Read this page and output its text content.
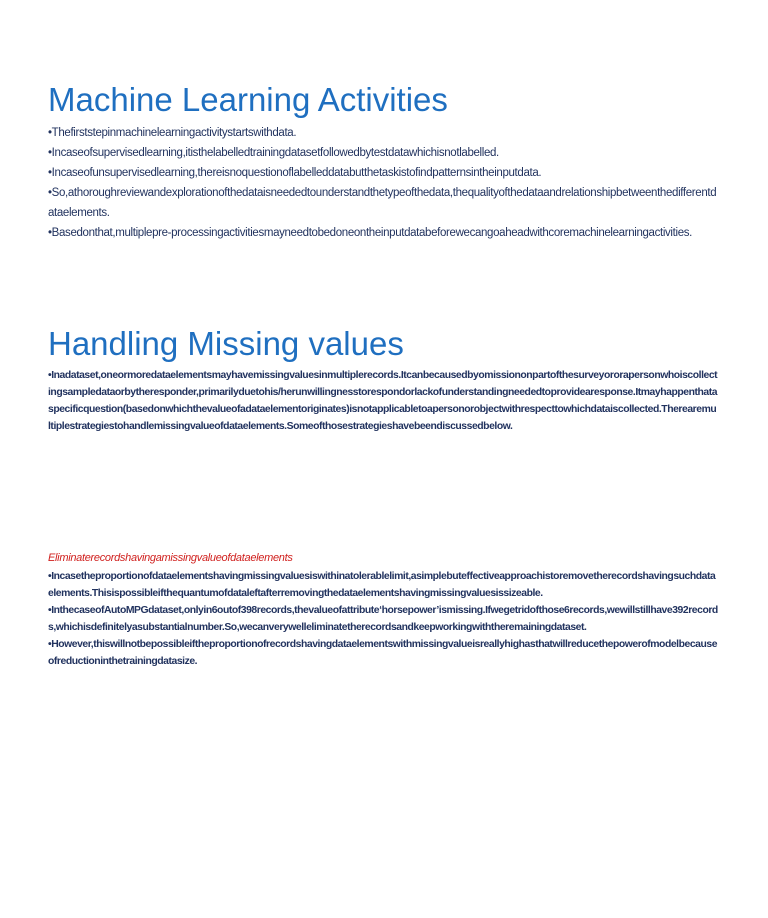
Machine Learning Activities

•Thefirststepinmachinelearningactivitystartswithdata.

•Incaseofsupervisedlearning,itisthelabelledtrainingdatasetfollowedbytestdatawhichisnotlabelled.

•Incaseofunsupervisedlearning,thereisnoquestionoflabelleddatabutthetaskistofindpatternsintheinputdata.

•So,athoroughreviewandexplorationofthedataisneededtounderstandthetypeofthedata,thequalityofthedataandrelationshipbetweenthedifferentdataelements.

•Basedonthat,multiplepre-processingactivitiesmayneedtobedoneontheinputdatabeforewecangoaheadwithcoremachinelearningactivities.

Handling Missing values

•Inadataset,oneormoredataelementsmayhavemissingvaluesinmultiplerecords.Itcanbecausedbyomissiononpartofthesurveyororapersonwhoiscollectingsampledataorbytheresponder,primarilyduetohis/herunwillingnesstorespondorlackofunderstandingneededtoprovidearesponse.Itmayhappenthataspecificquestion(basedonwhichthevalueofadataelementoriginates)isnotapplicabletoapersonorobjectwithrespecttowhichdataiscollected.Therearemultiplestrategiestohandlemissingvalueofdataelements.Someofthosestrategieshavebeendiscussedbelow.

Eliminaterecordshavingamissingvalueofdataelements

•Incasetheproportionofdataelementshavingmissingvaluesiswithinatolerablelimit,asimplebuteffectiveapproachistoremovetherecordshavingsuchdataelements.Thisispossibleifthequantumofdataleftafterremovingthedataelementshavingmissingvaluesissizeable.

•InthecaseofAutoMPGdataset,onlyin6outof398records,thevalueofattribute‘horsepower’ismissing.Ifwegetridofthose6records,wewillstillhave392records,whichisdefinitelyasubstantialnumber.So,wecanverywelleliminatetherecordsandkeepworkingwiththeremainingdataset.

•However,thiswillnotbepossibleiftheproportionofrecordshavingdataelementswithmissingvalueisreallyhighasthatwillreducethepowerofmodelbecauseofreductioninthetrainingdatasize.
